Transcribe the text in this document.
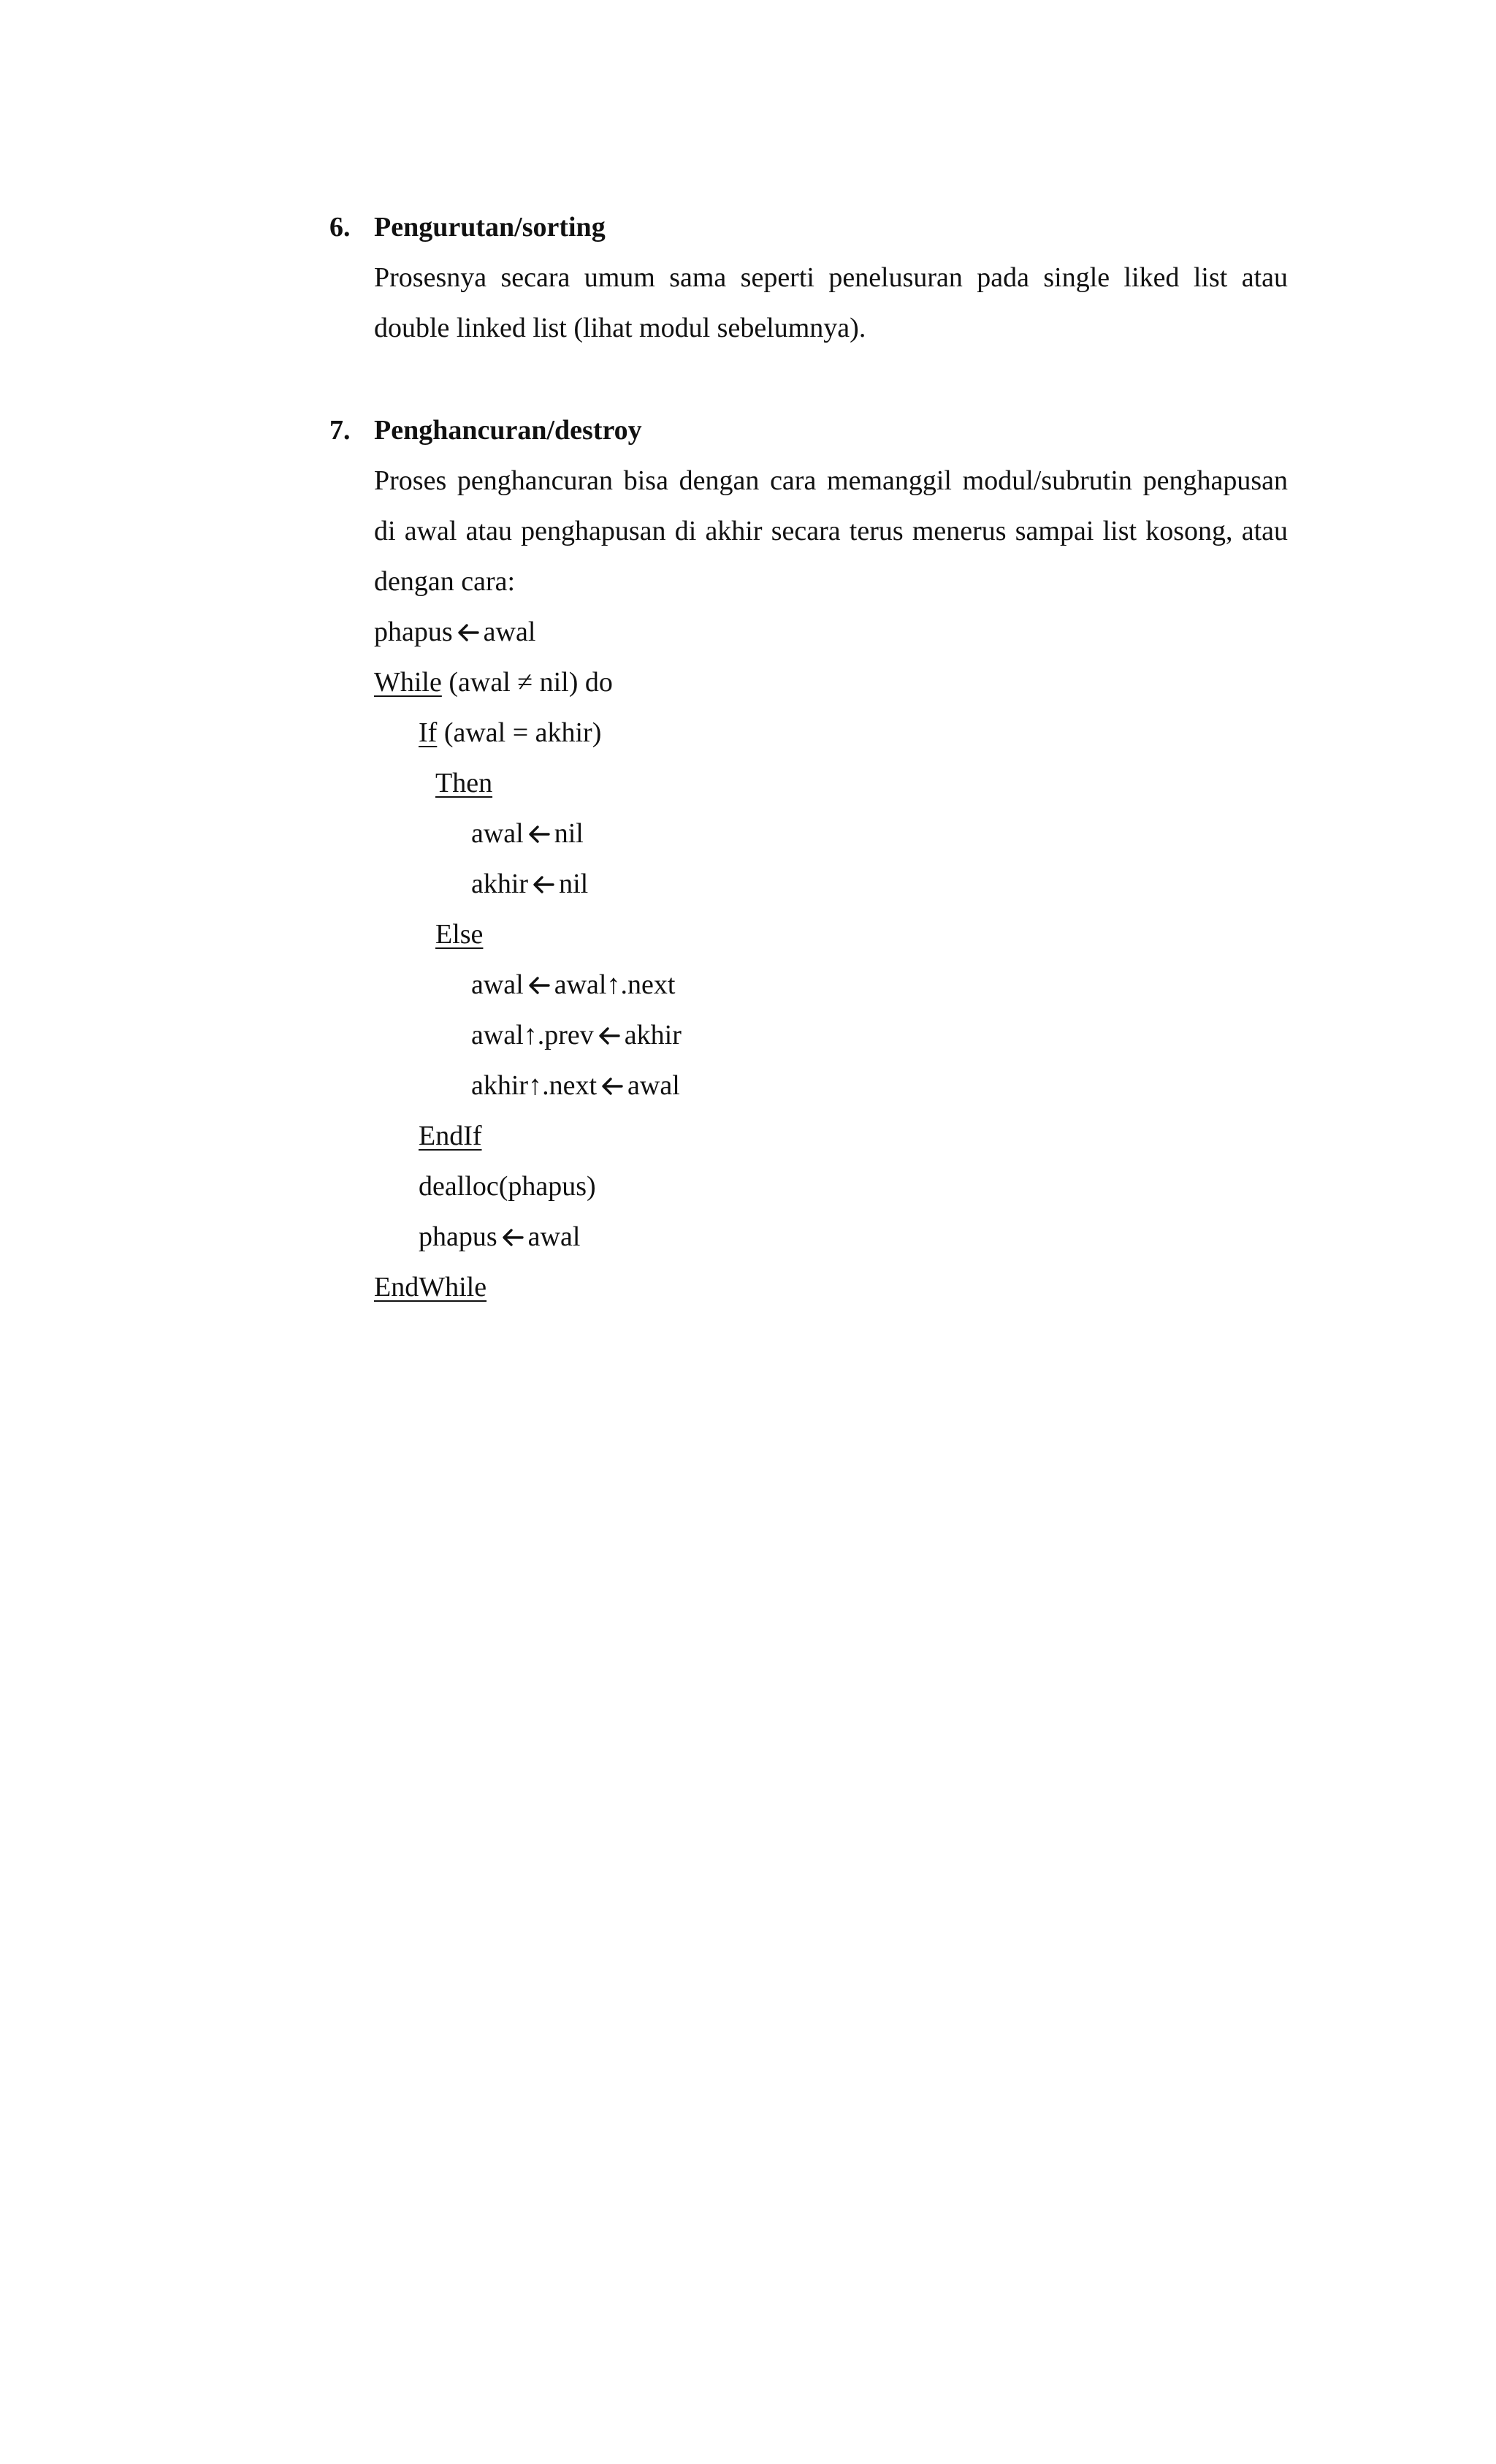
6. Pengurutan/sorting
Prosesnya secara umum sama seperti penelusuran pada single liked list atau double linked list (lihat modul sebelumnya).
7. Penghancuran/destroy
Proses penghancuran bisa dengan cara memanggil modul/subrutin penghapusan di awal atau penghapusan di akhir secara terus menerus sampai list kosong, atau dengan cara:
phapus awal
While (awal ≠ nil) do
If (awal = akhir)
Then
awal nil
akhir nil
Else
awal awal↑.next
awal↑.prev akhir
akhir↑.next awal
EndIf
dealloc(phapus)
phapus awal
EndWhile
